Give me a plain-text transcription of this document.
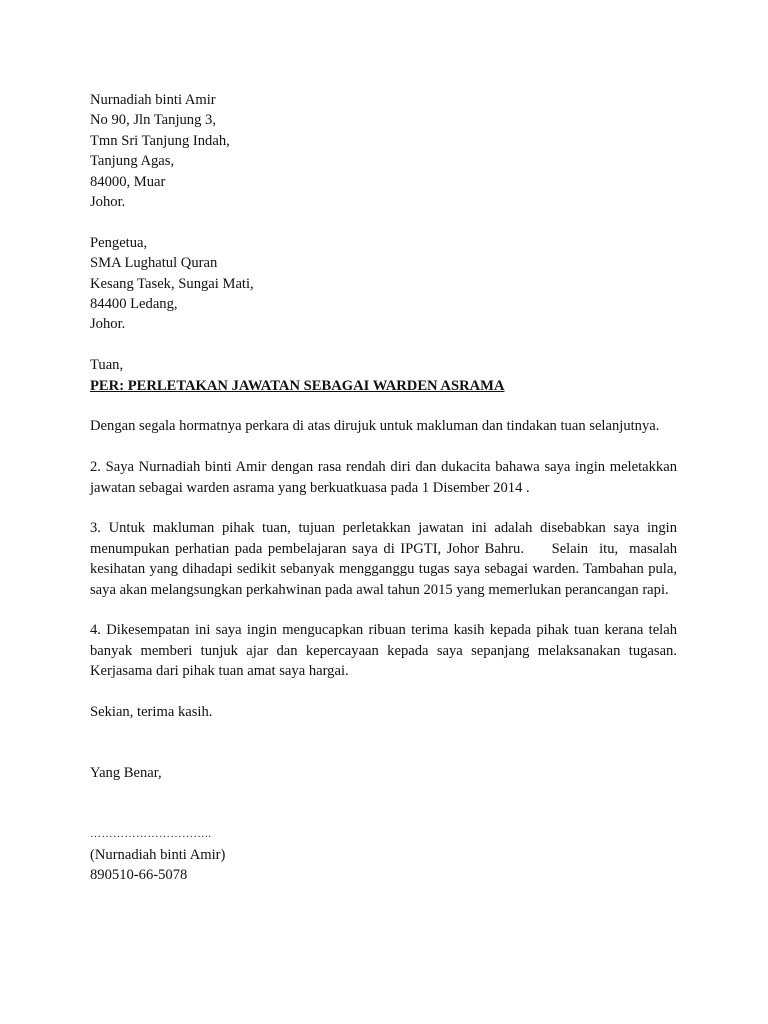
Nurnadiah binti Amir
No 90, Jln Tanjung 3,
Tmn Sri Tanjung Indah,
Tanjung Agas,
84000, Muar
Johor.
Pengetua,
SMA Lughatul Quran
Kesang Tasek, Sungai Mati,
84400 Ledang,
Johor.
Tuan,
PER: PERLETAKAN JAWATAN SEBAGAI WARDEN ASRAMA

Dengan segala hormatnya perkara di atas dirujuk untuk makluman dan tindakan tuan selanjutnya.

2. Saya Nurnadiah binti Amir dengan rasa rendah diri dan dukacita bahawa saya ingin meletakkan jawatan sebagai warden asrama yang berkuatkuasa pada 1 Disember 2014 .

3. Untuk makluman pihak tuan, tujuan perletakkan jawatan ini adalah disebabkan saya ingin menumpukan perhatian pada pembelajaran saya di IPGTI, Johor Bahru.     Selain  itu,  masalah kesihatan yang dihadapi sedikit sebanyak mengganggu tugas saya sebagai warden. Tambahan pula, saya akan melangsungkan perkahwinan pada awal tahun 2015 yang memerlukan perancangan rapi.

4. Dikesempatan ini saya ingin mengucapkan ribuan terima kasih kepada pihak tuan kerana telah banyak memberi tunjuk ajar dan kepercayaan kepada saya sepanjang melaksanakan tugasan. Kerjasama dari pihak tuan amat saya hargai.

Sekian, terima kasih.
Yang Benar,
…………………………..
(Nurnadiah binti Amir)
890510-66-5078
